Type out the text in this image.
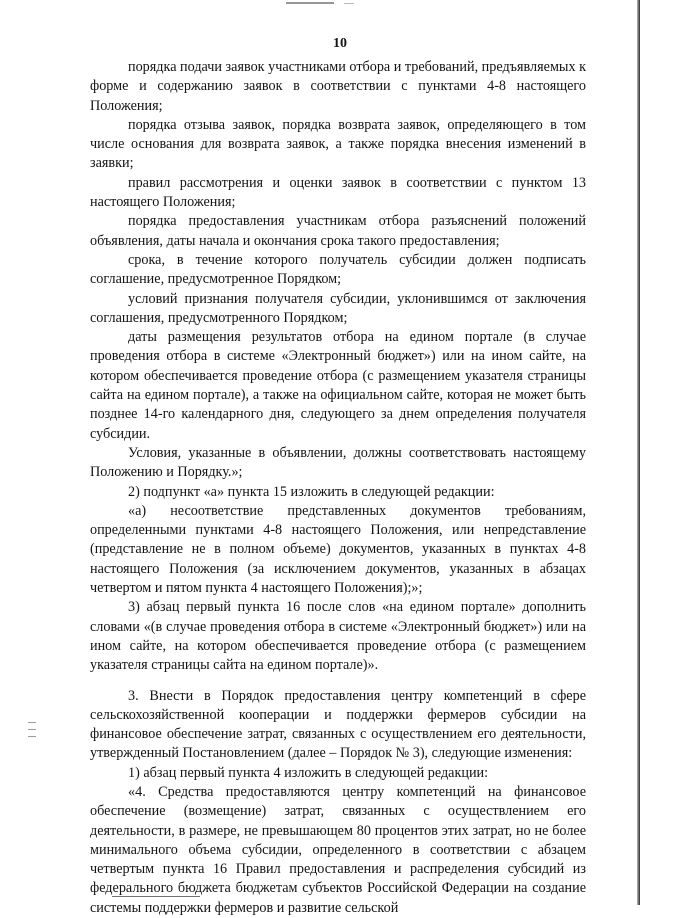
10

порядка подачи заявок участниками отбора и требований, предъявляемых к форме и содержанию заявок в соответствии с пунктами 4-8 настоящего Положения;

порядка отзыва заявок, порядка возврата заявок, определяющего в том числе основания для возврата заявок, а также порядка внесения изменений в заявки;

правил рассмотрения и оценки заявок в соответствии с пунктом 13 настоящего Положения;

порядка предоставления участникам отбора разъяснений положений объявления, даты начала и окончания срока такого предоставления;

срока, в течение которого получатель субсидии должен подписать соглашение, предусмотренное Порядком;

условий признания получателя субсидии, уклонившимся от заключения соглашения, предусмотренного Порядком;

даты размещения результатов отбора на едином портале (в случае проведения отбора в системе «Электронный бюджет») или на ином сайте, на котором обеспечивается проведение отбора (с размещением указателя страницы сайта на едином портале), а также на официальном сайте, которая не может быть позднее 14-го календарного дня, следующего за днем определения получателя субсидии.

Условия, указанные в объявлении, должны соответствовать настоящему Положению и Порядку.»;

2) подпункт «а» пункта 15 изложить в следующей редакции:

«а) несоответствие представленных документов требованиям, определенными пунктами 4-8 настоящего Положения, или непредставление (представление не в полном объеме) документов, указанных в пунктах 4-8 настоящего Положения (за исключением документов, указанных в абзацах четвертом и пятом пункта 4 настоящего Положения);»;

3) абзац первый пункта 16 после слов «на едином портале» дополнить словами «(в случае проведения отбора в системе «Электронный бюджет») или на ином сайте, на котором обеспечивается проведение отбора (с размещением указателя страницы сайта на едином портале)».

3. Внести в Порядок предоставления центру компетенций в сфере сельскохозяйственной кооперации и поддержки фермеров субсидии на финансовое обеспечение затрат, связанных с осуществлением его деятельности, утвержденный Постановлением (далее – Порядок № 3), следующие изменения:

1) абзац первый пункта 4 изложить в следующей редакции:

«4. Средства предоставляются центру компетенций на финансовое обеспечение (возмещение) затрат, связанных с осуществлением его деятельности, в размере, не превышающем 80 процентов этих затрат, но не более минимального объема субсидии, определенного в соответствии с абзацем четвертым пункта 16 Правил предоставления и распределения субсидий из федерального бюджета бюджетам субъектов Российской Федерации на создание системы поддержки фермеров и развитие сельской
